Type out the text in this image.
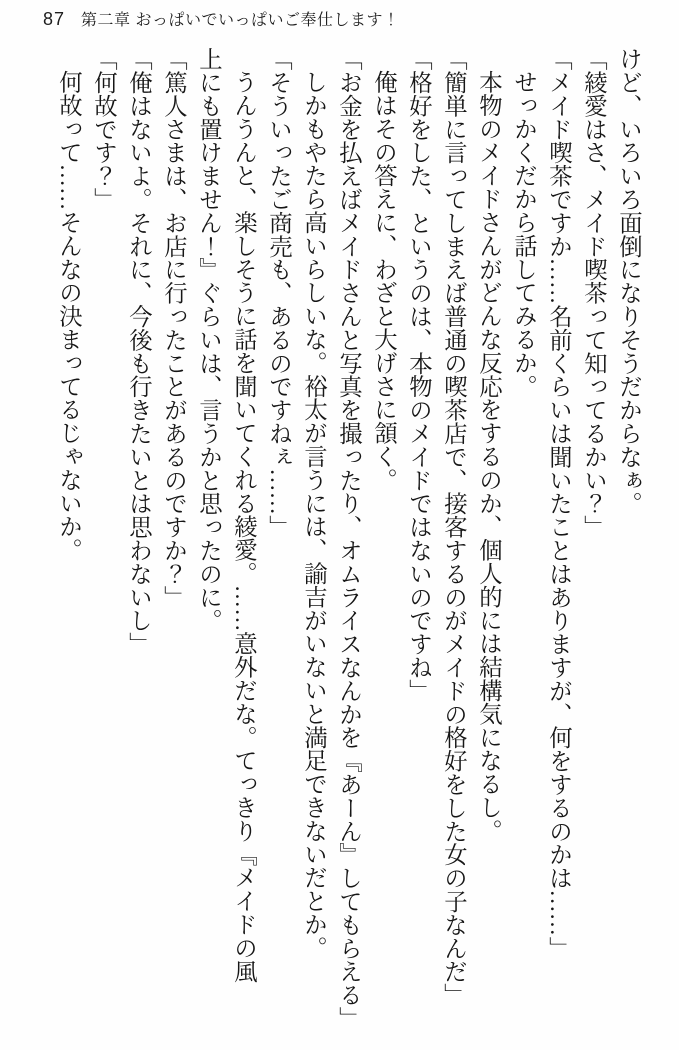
87 第二章 おっぱいでいっぱいご奉仕します！
けど、いろいろ面倒になりそうだからなぁ。
「綾愛はさ、メイド喫茶って知ってるかい？」
「メイド喫茶ですか……名前くらいは聞いたことはありますが、何をするのかは……」
せっかくだから話してみるか。
本物のメイドさんがどんな反応をするのか、個人的には結構気になるし。
「簡単に言ってしまえば普通の喫茶店で、接客するのがメイドの格好をした女の子なんだ」
「格好をした、というのは、本物のメイドではないのですね」
俺はその答えに、わざと大げさに頷く。
「お金を払えばメイドさんと写真を撮ったり、オムライスなんかを『あーん』してもらえる」
しかもやたら高いらしいな。裕太が言うには、諭吉がいないと満足できないだとか。
「そういったご商売も、あるのですねぇ……」
うんうんと、楽しそうに話を聞いてくれる綾愛。……意外だな。てっきり『メイドの風
上にも置けません！』ぐらいは、言うかと思ったのに。
「篤人さまは、お店に行ったことがあるのですか？」
「俺はないよ。それに、今後も行きたいとは思わないし」
「何故です？」
何故って……そんなの決まってるじゃないか。
